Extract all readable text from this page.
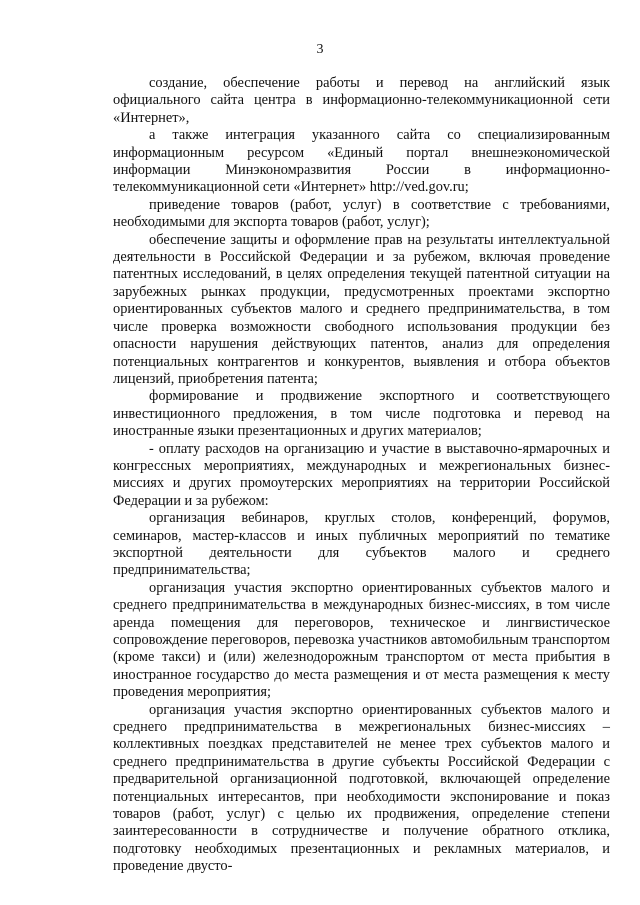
3

создание, обеспечение работы и перевод на английский язык официального сайта центра в информационно-телекоммуникационной сети «Интернет»,

а также интеграция указанного сайта со специализированным информационным ресурсом «Единый портал внешнеэкономической информации Минэкономразвития России в информационно-телекоммуникационной сети «Интернет» http://ved.gov.ru;

приведение товаров (работ, услуг) в соответствие с требованиями, необходимыми для экспорта товаров (работ, услуг);

обеспечение защиты и оформление прав на результаты интеллектуальной деятельности в Российской Федерации и за рубежом, включая проведение патентных исследований, в целях определения текущей патентной ситуации на зарубежных рынках продукции, предусмотренных проектами экспортно ориентированных субъектов малого и среднего предпринимательства, в том числе проверка возможности свободного использования продукции без опасности нарушения действующих патентов, анализ для определения потенциальных контрагентов и конкурентов, выявления и отбора объектов лицензий, приобретения патента;

формирование и продвижение экспортного и соответствующего инвестиционного предложения, в том числе подготовка и перевод на иностранные языки презентационных и других материалов;

- оплату расходов на организацию и участие в выставочно-ярмарочных и конгрессных мероприятиях, международных и межрегиональных бизнес-миссиях и других промоутерских мероприятиях на территории Российской Федерации и за рубежом:

организация вебинаров, круглых столов, конференций, форумов, семинаров, мастер-классов и иных публичных мероприятий по тематике экспортной деятельности для субъектов малого и среднего предпринимательства;

организация участия экспортно ориентированных субъектов малого и среднего предпринимательства в международных бизнес-миссиях, в том числе аренда помещения для переговоров, техническое и лингвистическое сопровождение переговоров, перевозка участников автомобильным транспортом (кроме такси) и (или) железнодорожным транспортом от места прибытия в иностранное государство до места размещения и от места размещения к месту проведения мероприятия;

организация участия экспортно ориентированных субъектов малого и среднего предпринимательства в межрегиональных бизнес-миссиях – коллективных поездках представителей не менее трех субъектов малого и среднего предпринимательства в другие субъекты Российской Федерации с предварительной организационной подготовкой, включающей определение потенциальных интересантов, при необходимости экспонирование и показ товаров (работ, услуг) с целью их продвижения, определение степени заинтересованности в сотрудничестве и получение обратного отклика, подготовку необходимых презентационных и рекламных материалов, и проведение двусто-
